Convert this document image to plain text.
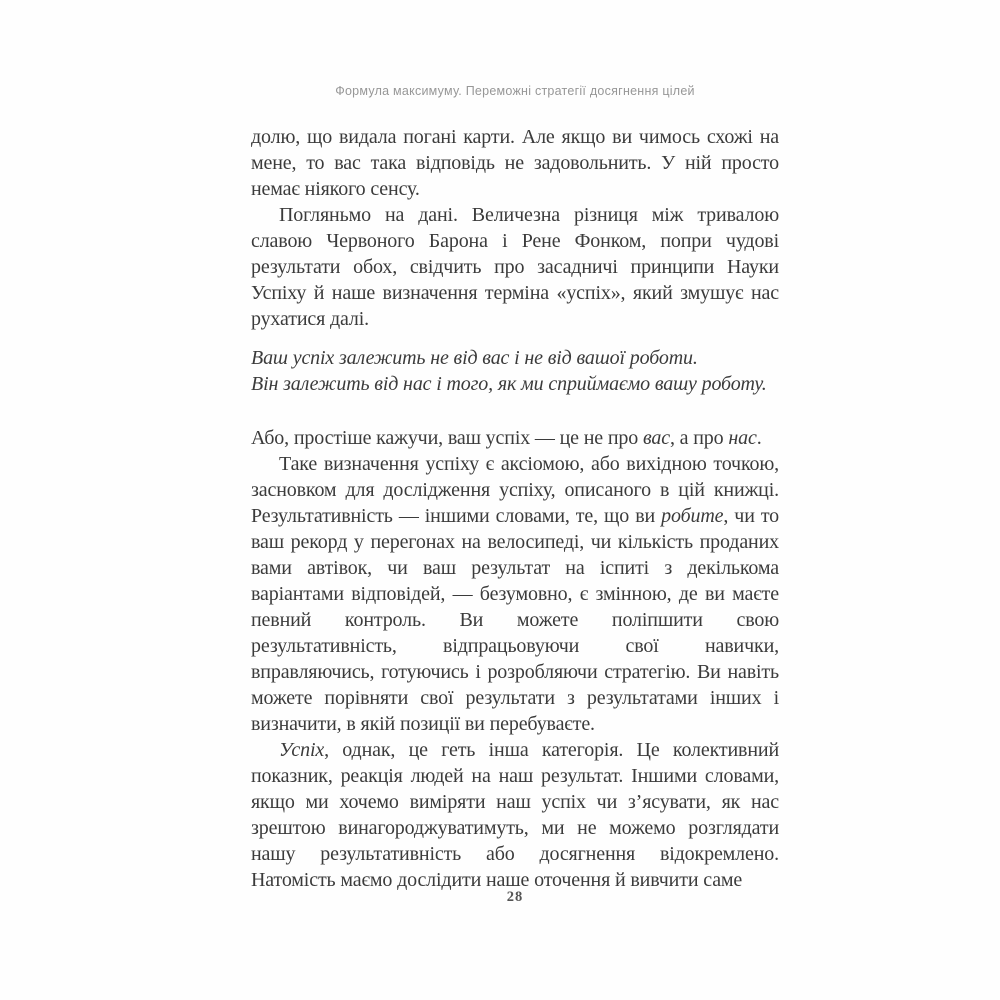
Формула максимуму. Переможні стратегії досягнення цілей

долю, що видала погані карти. Але якщо ви чимось схожі на мене, то вас така відповідь не задовольнить. У ній просто немає ніякого сенсу.

Погляньмо на дані. Величезна різниця між тривалою славою Червоного Барона і Рене Фонком, попри чудові результати обох, свідчить про засадничі принципи Науки Успіху й наше визначення терміна «успіх», який змушує нас рухатися далі.

Ваш успіх залежить не від вас і не від вашої роботи.

Він залежить від нас і того, як ми сприймаємо вашу роботу.

Або, простіше кажучи, ваш успіх — це не про вас, а про нас.

Таке визначення успіху є аксіомою, або вихідною точкою, засновком для дослідження успіху, описаного в цій книжці. Результативність — іншими словами, те, що ви робите, чи то ваш рекорд у перегонах на велосипеді, чи кількість проданих вами автівок, чи ваш результат на іспиті з декількома варіантами відповідей, — безумовно, є змінною, де ви маєте певний контроль. Ви можете поліпшити свою результативність, відпрацьовуючи свої навички, вправляючись, готуючись і розробляючи стратегію. Ви навіть можете порівняти свої результати з результатами інших і визначити, в якій позиції ви перебуваєте.

Успіх, однак, це геть інша категорія. Це колективний показник, реакція людей на наш результат. Іншими словами, якщо ми хочемо виміряти наш успіх чи з’ясувати, як нас зрештою винагороджуватимуть, ми не можемо розглядати нашу результативність або досягнення відокремлено. Натомість маємо дослідити наше оточення й вивчити саме

28
